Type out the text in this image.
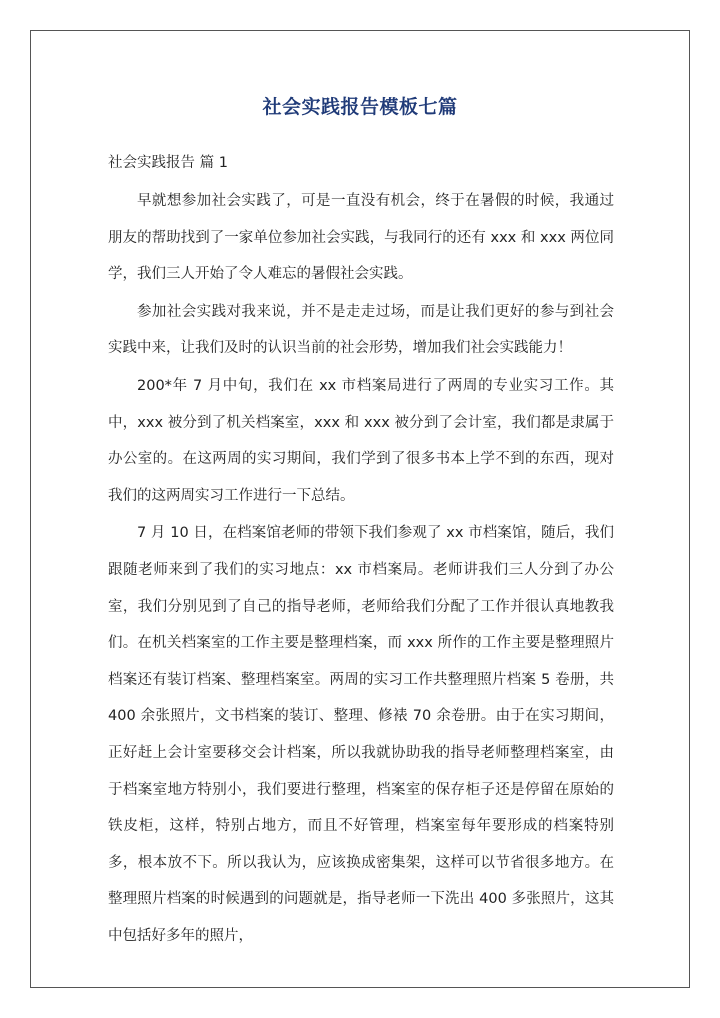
社会实践报告模板七篇
社会实践报告 篇 1

早就想参加社会实践了，可是一直没有机会，终于在暑假的时候，我通过朋友的帮助找到了一家单位参加社会实践，与我同行的还有 xxx 和 xxx 两位同学，我们三人开始了令人难忘的暑假社会实践。

参加社会实践对我来说，并不是走走过场，而是让我们更好的参与到社会实践中来，让我们及时的认识当前的社会形势，增加我们社会实践能力！

200*年 7 月中旬，我们在 xx 市档案局进行了两周的专业实习工作。其中，xxx 被分到了机关档案室，xxx 和 xxx 被分到了会计室，我们都是隶属于办公室的。在这两周的实习期间，我们学到了很多书本上学不到的东西，现对我们的这两周实习工作进行一下总结。

7 月 10 日，在档案馆老师的带领下我们参观了 xx 市档案馆，随后，我们跟随老师来到了我们的实习地点：xx 市档案局。老师讲我们三人分到了办公室，我们分别见到了自己的指导老师，老师给我们分配了工作并很认真地教我们。在机关档案室的工作主要是整理档案，而 xxx 所作的工作主要是整理照片档案还有装订档案、整理档案室。两周的实习工作共整理照片档案 5 卷册，共 400 余张照片，文书档案的装订、整理、修裱 70 余卷册。由于在实习期间，正好赶上会计室要移交会计档案，所以我就协助我的指导老师整理档案室，由于档案室地方特别小，我们要进行整理，档案室的保存柜子还是停留在原始的铁皮柜，这样，特别占地方，而且不好管理，档案室每年要形成的档案特别多，根本放不下。所以我认为，应该换成密集架，这样可以节省很多地方。在整理照片档案的时候遇到的问题就是，指导老师一下洗出 400 多张照片，这其中包括好多年的照片，
